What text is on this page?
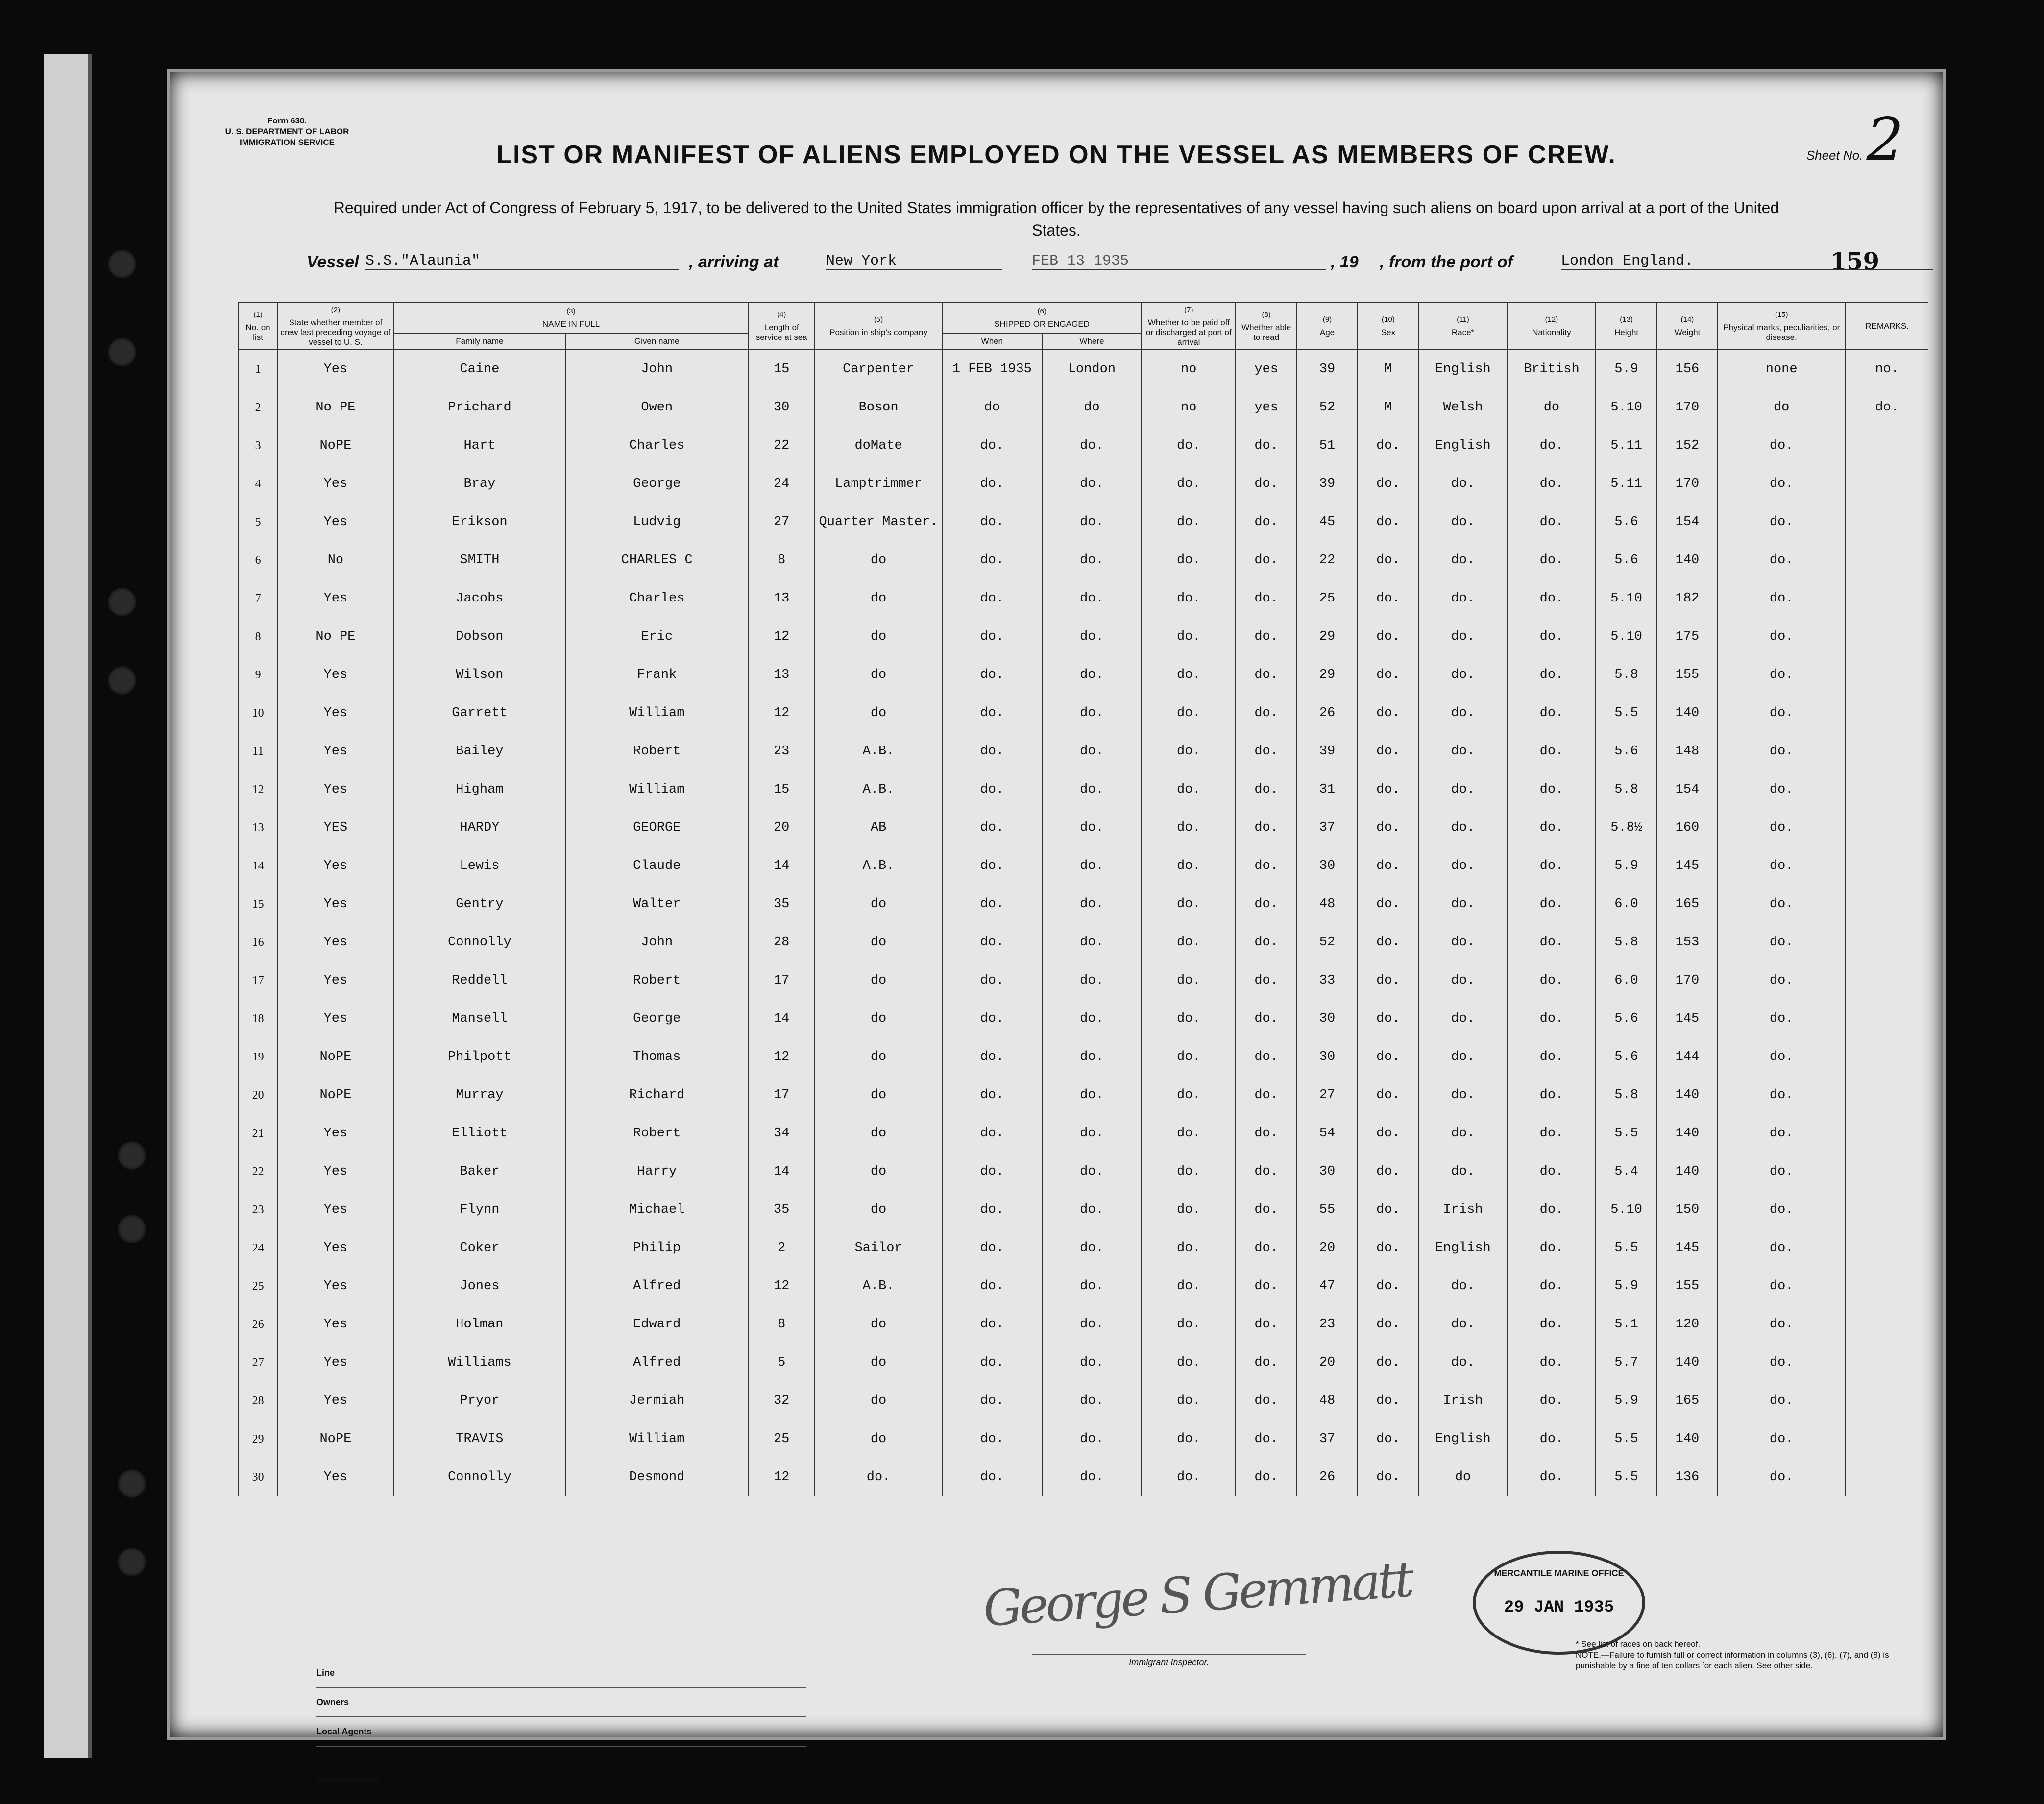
Form 630.
U. S. DEPARTMENT OF LABOR
IMMIGRATION SERVICE
Sheet No. 2
LIST OR MANIFEST OF ALIENS EMPLOYED ON THE VESSEL AS MEMBERS OF CREW.
Required under Act of Congress of February 5, 1917, to be delivered to the United States immigration officer by the representatives of any vessel having such aliens on board upon arrival at a port of the United States.
Vessel S.S."Alaunia"	, arriving at	New York	FEB 13 1935	, 19 , from the port of	London England.	159
(1)
No. on list	(2)
State whether member of crew last preceding voyage of vessel to U. S.	(3)
NAME IN FULL		(4)
Length of service at sea	(5)
Position in ship's company	(6)
SHIPPED OR ENGAGED		(7)
Whether to be paid off or discharged at port of arrival	(8)
Whether able to read	(9)
Age	(10)
Sex	(11)
Race*	(12)
Nationality	(13)
Height	(14)
Weight	(15)
Physical marks, peculiarities, or disease.	REMARKS.
		Family name	Given name			When	Where										
1	Yes	Caine	John	15	Carpenter	1 FEB 1935	London	no	yes	39	M	English	British	5.9	156	none	no.
2	No PE	Prichard	Owen	30	Boson	do	do	no	yes	52	M	Welsh	do	5.10	170	do	do.
3	NoPE	Hart	Charles	22	doMate	do.	do.	do.	do.	51	do.	English	do.	5.11	152	do.	
4	Yes	Bray	George	24	Lamptrimmer	do.	do.	do.	do.	39	do.	do.	do.	5.11	170	do.	
5	Yes	Erikson	Ludvig	27	Quarter Master.	do.	do.	do.	do.	45	do.	do.	do.	5.6	154	do.	
6	No	SMITH	CHARLES C	8	do	do.	do.	do.	do.	22	do.	do.	do.	5.6	140	do.	
7	Yes	Jacobs	Charles	13	do	do.	do.	do.	do.	25	do.	do.	do.	5.10	182	do.	
8	No PE	Dobson	Eric	12	do	do.	do.	do.	do.	29	do.	do.	do.	5.10	175	do.	
9	Yes	Wilson	Frank	13	do	do.	do.	do.	do.	29	do.	do.	do.	5.8	155	do.	
10	Yes	Garrett	William	12	do	do.	do.	do.	do.	26	do.	do.	do.	5.5	140	do.	
11	Yes	Bailey	Robert	23	A.B.	do.	do.	do.	do.	39	do.	do.	do.	5.6	148	do.	
12	Yes	Higham	William	15	A.B.	do.	do.	do.	do.	31	do.	do.	do.	5.8	154	do.	
13	YES	HARDY	GEORGE	20	AB	do.	do.	do.	do.	37	do.	do.	do.	5.8½	160	do.	
14	Yes	Lewis	Claude	14	A.B.	do.	do.	do.	do.	30	do.	do.	do.	5.9	145	do.	
15	Yes	Gentry	Walter	35	do	do.	do.	do.	do.	48	do.	do.	do.	6.0	165	do.	
16	Yes	Connolly	John	28	do	do.	do.	do.	do.	52	do.	do.	do.	5.8	153	do.	
17	Yes	Reddell	Robert	17	do	do.	do.	do.	do.	33	do.	do.	do.	6.0	170	do.	
18	Yes	Mansell	George	14	do	do.	do.	do.	do.	30	do.	do.	do.	5.6	145	do.	
19	NoPE	Philpott	Thomas	12	do	do.	do.	do.	do.	30	do.	do.	do.	5.6	144	do.	
20	NoPE	Murray	Richard	17	do	do.	do.	do.	do.	27	do.	do.	do.	5.8	140	do.	
21	Yes	Elliott	Robert	34	do	do.	do.	do.	do.	54	do.	do.	do.	5.5	140	do.	
22	Yes	Baker	Harry	14	do	do.	do.	do.	do.	30	do.	do.	do.	5.4	140	do.	
23	Yes	Flynn	Michael	35	do	do.	do.	do.	do.	55	do.	Irish	do.	5.10	150	do.	
24	Yes	Coker	Philip	2	Sailor	do.	do.	do.	do.	20	do.	English	do.	5.5	145	do.	
25	Yes	Jones	Alfred	12	A.B.	do.	do.	do.	do.	47	do.	do.	do.	5.9	155	do.	
26	Yes	Holman	Edward	8	do	do.	do.	do.	do.	23	do.	do.	do.	5.1	120	do.	
27	Yes	Williams	Alfred	5	do	do.	do.	do.	do.	20	do.	do.	do.	5.7	140	do.	
28	Yes	Pryor	Jermiah	32	do	do.	do.	do.	do.	48	do.	Irish	do.	5.9	165	do.	
29	NoPE	TRAVIS	William	25	do	do.	do.	do.	do.	37	do.	English	do.	5.5	140	do.	
30	Yes	Connolly	Desmond	12	do.	do.	do.	do.	do.	26	do.	do	do.	5.5	136	do.	
George S Gemmatt
Line
Owners
Local Agents
Immigrant Inspector.
MERCANTILE MARINE OFFICE
29 JAN 1935
* See list of races on back hereof.
NOTE.—Failure to furnish full or correct information in columns (3), (6), (7), and (8) is punishable by a fine of ten dollars for each alien. See other side.
6000 8/33—28/3694
